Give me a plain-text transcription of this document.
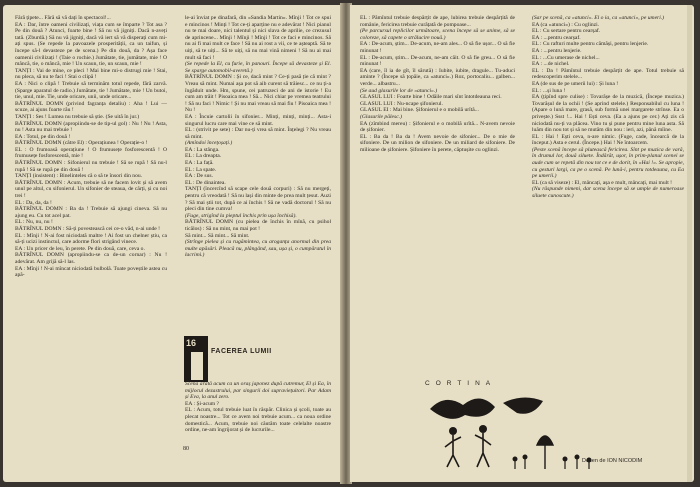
Fără țipete... Fără să vă dați în spectacol!...

EA : Dar, între oameni civilizați, viața cum se împarte ? Tot asa ? Pe din două ? Atunci, foarte bine ! Să nu vă jigniți. Dacă n-aveți tată. (Zburdă.) Să nu vă jigniți, dacă vă iert să vă disperați cum mi-ați spus. (Se repede la pavoazele prosperității, ca un taifun, și începe să-l devasteze pe de scena.) Pe din două, da ? Așa face oamenii civilizați ! (Taie o rochie.) Jumătate, tie, jumătate, mie ! O mâncă, tie, o mâncă, mie ! Un scaun, tie, un scaun, mie !

TANȚI : Vai de mine, ce pleci ! Mai bine mi-o distrugi mie ! Stai, nu pleca, să nu te faci ! Stai o clipă !

EA : Nici o clipă ! Trebuie să terminăm totul repede, fără zarvă. (Sparge aparatul de radio.) Jumătate, tie ! Jumătate, mie ! Un butoi, tie, unul, mie. Tie, unde oricare, unii, unde oricare...

BĂTRÎNUL DOMN (privind fagranța detaliu) : Aha ! Lui — scuze, ai ajuns foarte rău !

TANȚI : Ses ! Lumea nu trebuie să știe. (Se uită în jur.)

BĂTRÎNUL DOMN (apropiindu-se de tip-ul gol) : Nu ! Nu ! Asta, nu ! Asta nu mai trebuie !

EA : Totul, pe din două !

BĂTRÎNUL DOMN (către El) : Operațiunea ! Operație-o !

EL : O frumoasă operațiune ! O frumusețe fosforescentă ! O frumusețe fosforescentă, mie !

BĂTRÎNUL DOMN : Sifonierul nu trebuie ! Să se rupă ! Să nu-l rupă ! Să se rupă pe din două !

TANȚI (insistent) : Binelinteles că o să te însori din nou.

BĂTRÎNUL DOMN : Acum, trebuie să ne facem lovit și să avem unul pe altul, cu sifonierul. Un sifonier de steaua, de cărți, și cu noi trei !

EL : Da, da, da !

BĂTRÎNUL DOMN : Ba da ! Trebuie să ajungi cineva. Să nu ajung eu. Cu tot acel pat.

EL : Nu, nu, nu !

BĂTRÎNUL DOMN : Să-ți povestească cei ce-o văd, n-ai unde !

EL : Mînji ! N-ai fost niciodată maltre ! Ai fost un chelner știu, ca să-ți ucizi instinctul, care adorme flori strigând vinece.

EA : Un pricer de leu, în perete. Pe din două, care, ceva o.

BĂTRÎNUL DOMN (apropiindu-se ca de-un cornar) : Nu ! adevărat. Am grijă să-l las.

EA : Mînji ! N-ai mîncat niciodată bulbolă. Toate poveștile astea cu apă-

le-ai înviat pe dinafară, din «Sandia Martin». Mînji ! Tot ce spui e mincinos ! Minți ! Tot ce-ți aparține nu e adevărat ! Nici pianul nu te mai doare, nici talentul și nici slava de aprilie, ce crezusul de aprincene... Mînji ! Mînji ! Mînji ! Tot ce faci e mincinos. Să nu ai fi mai mult ce face ! Să nu ai rost a vii, ce te așteaptă. Să te uiți, să te uiți... Să te uiți, să nu mai vină nimeni ! Să nu ai mai mult să faci !

(Se repede la El, cu furie, în panouri. Începe să devasteze și El. Se sparge automobil-averetă.)

BĂTRÎNUL DOMN : Și ce, dacă mint ? Ce-ți pasă ție că mint ? Vreau să mint. Numai așa pot să aib curent să trăiesc... ce nu ți-a îngăduit unde. Hm, spune, cei patruzeci de ani de istorie ! Eu cum am trăit ! Pisoaica mea ! Să... Nici chiar pe vremea teatrului ! Să nu faci ! Nimic ! Și nu mai vreau să mai fiu ! Pisoaica mea ! Nu !

EA : Încuie cartolii în sifonier... Minți, minți, minți... Asta-i singurul lucru care mai vine ce să mint.

EL : (strivit pe sete) : Dar nu-ți vrea să mint. Înțelegi ? Nu vreau să mint.

(Amîndoi încețoșați.)

EA : La stânga.

EL : La dreapta.

EA : La față.

EL : La spate.

EA : De sus.

EL : De dinaintea.

TANȚI (încercînd să scape cele două corpuri) : Să nu mergeți, pentru că vreodată ! Să nu lași din minte de prea mult țesut. Auzi ? Să mai știi tot, după ce ai închis ! Să ne vadă doctorul ! Să nu pleci din tine cumva!

(Fuge, strigînd la pieptul închis prin ușa închisă).

BĂTRÎNUL DOMN (cu pielea de închis în mînă, cu psihol ticălos) : Să nu mint, nu mai pot !

Să mint... Să mint... Să mint.

(Strînge pielea și cu rugămintea, cu aroganța anormal din prea multe apăsări. Pleacă nu, plângând, sau, ușa și, o cumpăratul în lacrimi.)

16
FACEREA LUMII

Scena arată acum ca un oraș japonez după cutremur, El și Ea, în mijlocul dezastrului, par singurii doi supraviețuitori. Par Adam și Eva, la anul zero.

EA : Și-acum ?

EL : Acum, totul trebuie luat în răspăr. Clinica și școli, toate au plecat noastre... Tot ce avem noi trebuie acum... ca noua ordine domestică... Acum, trebuie noi căutăm toate celelalte noastre ordine, ne-am îngrijorat și de lucrurile...

80

EL : Pămîntul trebuie despărțit de ape, lubirea trebuie despărțită de românie, fericirea trebuie curățată de pompoase...

(Pe parcursul replicilor următoare, scena începe să se anime, să se coloreze, să capete o strălucire nouă.)

EA : De-acum, știm... De-acum, ne-am ales... O să fie ușor... O să fie minunat !

EL : De-acum, știm... De-acum, ne-am căit. O să fie greu... O să fie minunat !

EA (care, îl ia de gît, îl sărută) : Iubite, iubite, dragule... Tu-aduci aminte ? (Începe să țopăie, ca «atunci».) Roz, portocaliu... galben... verde... albastru...

(Se aud glasurile lor de «atunci».)

GLASUL LUI : Foarte bine ! Odăile mari sînt întotdeauna reci.

GLASUL LUI : Nu-ncape șifonierul.

GLASUL EI : Mai bine. Șifonierul e o mobilă urîtă...

(Glasurile pălesc.)

EA (zîmbind mereu) : Șifonierul e o mobilă urîtă... N-avem nevoie de șifonier.

EL : Ba da ! Ba da ! Avem nevoie de sifonier... De o mie de sifoniere. De un milion de sifoniere. De un miliard de sifoniere. De milioane de șifoniere. Șifoniere în perete, căptușite cu oglinzi.

(Sar pe scenă, ca «atunci». El o ia, ca «atunci», pe umeri.)

EA (ca «atunci») : Cu oglinzi.

EL : Cu sertare pentru cearșaf.

EA : ...pentru cearșaf.

EL : Cu rafturi multe pentru cămăși, pentru lenjerie.

EA : ...pentru lenjerie.

EL : ...Cu umerase de nichel...

EA : ...de nichel.

EL : Da ! Pămîntul trebuie despărțit de ape. Totul trebuie să redescoperim stelele...

EA (de sus de pe umerii lui) : Și luna !

EL : ...și luna !

EA (țipînd spre culise) : Tovarășe de la muzică, (Începe muzica.) Tovarășul de la ochii ! (Se aprind stelele.) Responsabilul cu luna ! (Apare o lună mare, grasă, sub formă unei margarete strînse. Ea o privește.) Ssst !... Hai ! Ești ceva. (Ea a ajuns pe cer.) Ați zis că niciodată nu-ți va plăcea. Vino tu și pune pentru mine luna asta. Să luăm din nou tot și să ne mutăm din nou : ieri, azi, până mîine.

EL : Hai ! Ești ceva, n-are nimic. (Fuge, cade, încearcă de la început.) Asta e cerul. (Începe.) Hai ! Ne întoarcem.

(Peste scenă începe să plutească fericirea. Sînt pe muzica de vară, în drumul lor, două siluete. Îndărăt, ușor, în prim-planul scenei se aude cum se repetă din nou tot ce e de dorit, în «Hai !». Se apropie, cu gesturi largi, ca pe o scenă. Pe lună-i, pentru totdeauna, cu Ea pe umerii.)

EL (ca să viseze) : El, mâncați, așa e mult, mâncați, mai mult !

(Nu răspunde nimeni, dar scena începe să se umple de numeroase siluete cunoscute.)

CORTINA
Desen de ION NICODIM
